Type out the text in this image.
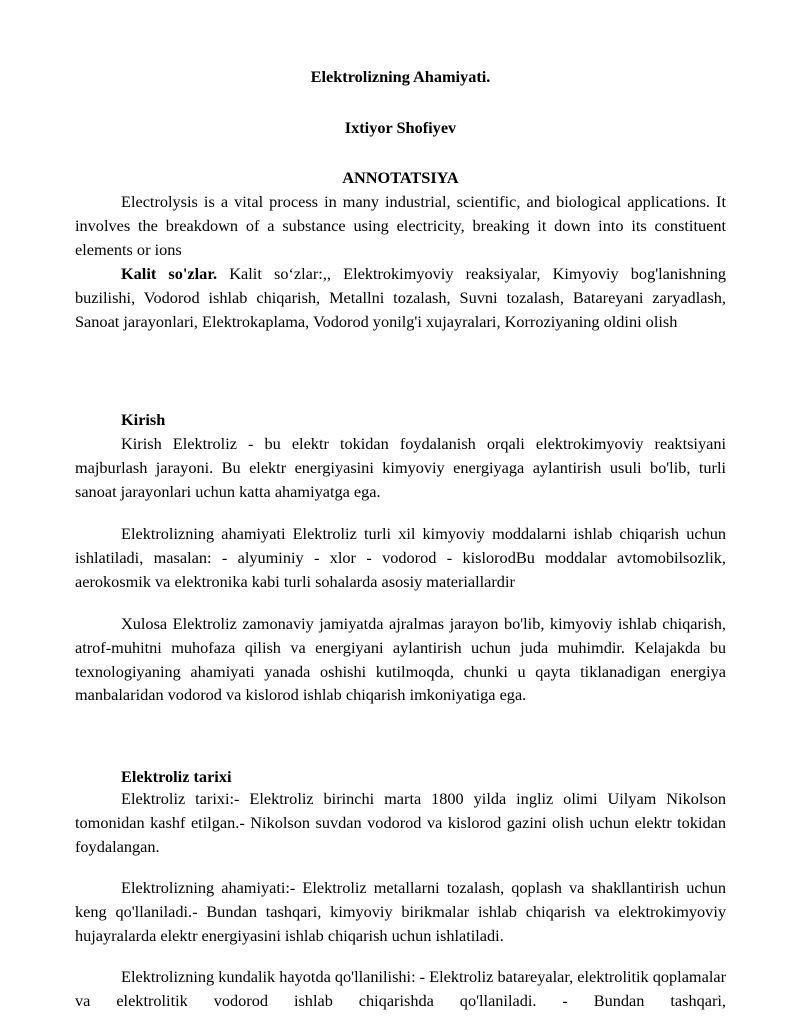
Elektrolizning Ahamiyati.

Ixtiyor Shofiyev

ANNOTATSIYA

Electrolysis is a vital process in many industrial, scientific, and biological applications. It involves the breakdown of a substance using electricity, breaking it down into its constituent elements or ions

Kalit so'zlar. Kalit so‘zlar:,, Elektrokimyoviy reaksiyalar, Kimyoviy bog'lanishning buzilishi, Vodorod ishlab chiqarish, Metallni tozalash, Suvni tozalash, Batareyani zaryadlash, Sanoat jarayonlari, Elektrokaplama, Vodorod yonilg'i xujayralari, Korroziyaning oldini olish

Kirish

Kirish Elektroliz - bu elektr tokidan foydalanish orqali elektrokimyoviy reaktsiyani majburlash jarayoni. Bu elektr energiyasini kimyoviy energiyaga aylantirish usuli bo'lib, turli sanoat jarayonlari uchun katta ahamiyatga ega.

Elektrolizning ahamiyati Elektroliz turli xil kimyoviy moddalarni ishlab chiqarish uchun ishlatiladi, masalan: - alyuminiy - xlor - vodorod - kislorodBu moddalar avtomobilsozlik, aerokosmik va elektronika kabi turli sohalarda asosiy materiallardir

Xulosa Elektroliz zamonaviy jamiyatda ajralmas jarayon bo'lib, kimyoviy ishlab chiqarish, atrof-muhitni muhofaza qilish va energiyani aylantirish uchun juda muhimdir. Kelajakda bu texnologiyaning ahamiyati yanada oshishi kutilmoqda, chunki u qayta tiklanadigan energiya manbalaridan vodorod va kislorod ishlab chiqarish imkoniyatiga ega.

Elektroliz tarixi

Elektroliz tarixi:- Elektroliz birinchi marta 1800 yilda ingliz olimi Uilyam Nikolson tomonidan kashf etilgan.- Nikolson suvdan vodorod va kislorod gazini olish uchun elektr tokidan foydalangan.

Elektrolizning ahamiyati:- Elektroliz metallarni tozalash, qoplash va shakllantirish uchun keng qo'llaniladi.- Bundan tashqari, kimyoviy birikmalar ishlab chiqarish va elektrokimyoviy hujayralarda elektr energiyasini ishlab chiqarish uchun ishlatiladi.

Elektrolizning kundalik hayotda qo'llanilishi: - Elektroliz batareyalar, elektrolitik qoplamalar va elektrolitik vodorod ishlab chiqarishda qo'llaniladi. - Bundan tashqari,
